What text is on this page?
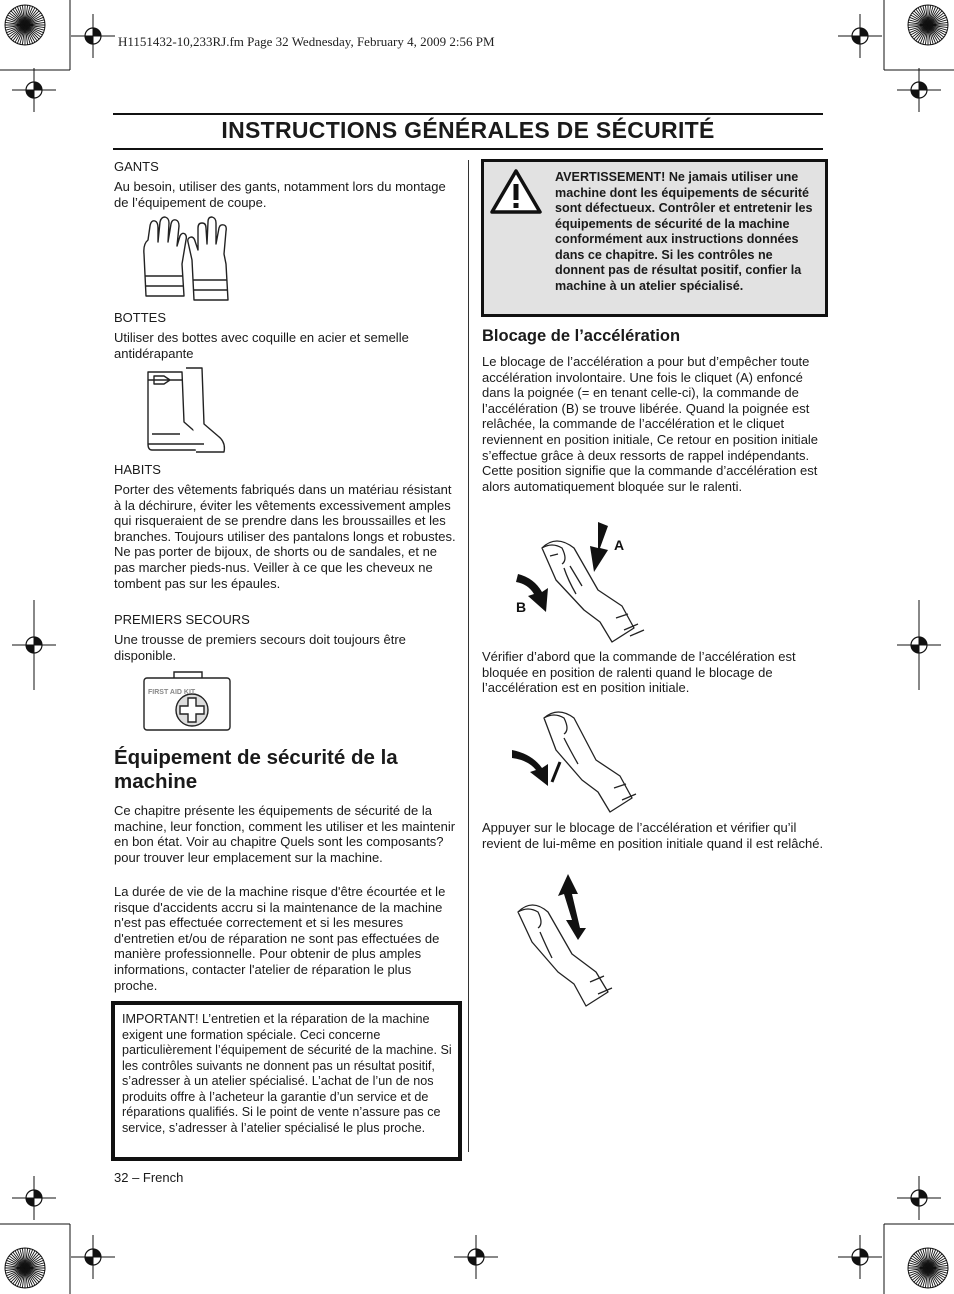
H1151432-10,233RJ.fm Page 32 Wednesday, February 4, 2009 2:56 PM
INSTRUCTIONS GÉNÉRALES DE SÉCURITÉ
GANTS
Au besoin, utiliser des gants, notamment lors du montage de l’équipement de coupe.
BOTTES
Utiliser des bottes avec coquille en acier et semelle antidérapante
HABITS
Porter des vêtements fabriqués dans un matériau résistant à la déchirure, éviter les vêtements excessivement amples qui risqueraient de se prendre dans les broussailles et les branches. Toujours utiliser des pantalons longs et robustes. Ne pas porter de bijoux, de shorts ou de sandales, et ne pas marcher pieds-nus. Veiller à ce que les cheveux ne tombent pas sur les épaules.
PREMIERS SECOURS
Une trousse de premiers secours doit toujours être disponible.
FIRST AID KIT
Équipement de sécurité de la machine
Ce chapitre présente les équipements de sécurité de la machine, leur fonction, comment les utiliser et les maintenir en bon état. Voir au chapitre Quels sont les composants? pour trouver leur emplacement sur la machine.
La durée de vie de la machine risque d'être écourtée et le risque d'accidents accru si la maintenance de la machine n'est pas effectuée correctement et si les mesures d'entretien et/ou de réparation ne sont pas effectuées de manière professionnelle. Pour obtenir de plus amples informations, contacter l'atelier de réparation le plus proche.
IMPORTANT! L’entretien et la réparation de la machine exigent une formation spéciale. Ceci concerne particulièrement l’équipement de sécurité de la machine. Si les contrôles suivants ne donnent pas un résultat positif, s’adresser à un atelier spécialisé. L’achat de l’un de nos produits offre à l’acheteur la garantie d’un service et de réparations qualifiés. Si le point de vente n’assure pas ce service, s’adresser à l’atelier spécialisé le plus proche.
32 – French
AVERTISSEMENT! Ne jamais utiliser une machine dont les équipements de sécurité sont défectueux. Contrôler et entretenir les équipements de sécurité de la machine conformément aux instructions données dans ce chapitre. Si les contrôles ne donnent pas de résultat positif, confier la machine à un atelier spécialisé.
Blocage de l’accélération
Le blocage de l’accélération a pour but d’empêcher toute accélération involontaire. Une fois le cliquet (A) enfoncé dans la poignée (= en tenant celle-ci), la commande de l’accélération (B) se trouve libérée. Quand la poignée est relâchée, la commande de l’accélération et le cliquet reviennent en position initiale, Ce retour en position initiale s’effectue grâce à deux ressorts de rappel indépendants. Cette position signifie que la commande d’accélération est alors automatiquement bloquée sur le ralenti.
A
B
Vérifier d’abord que la commande de l’accélération est bloquée en position de ralenti quand le blocage de l’accélération est en position initiale.
Appuyer sur le blocage de l’accélération et vérifier qu’il revient de lui-même en position initiale quand il est relâché.
